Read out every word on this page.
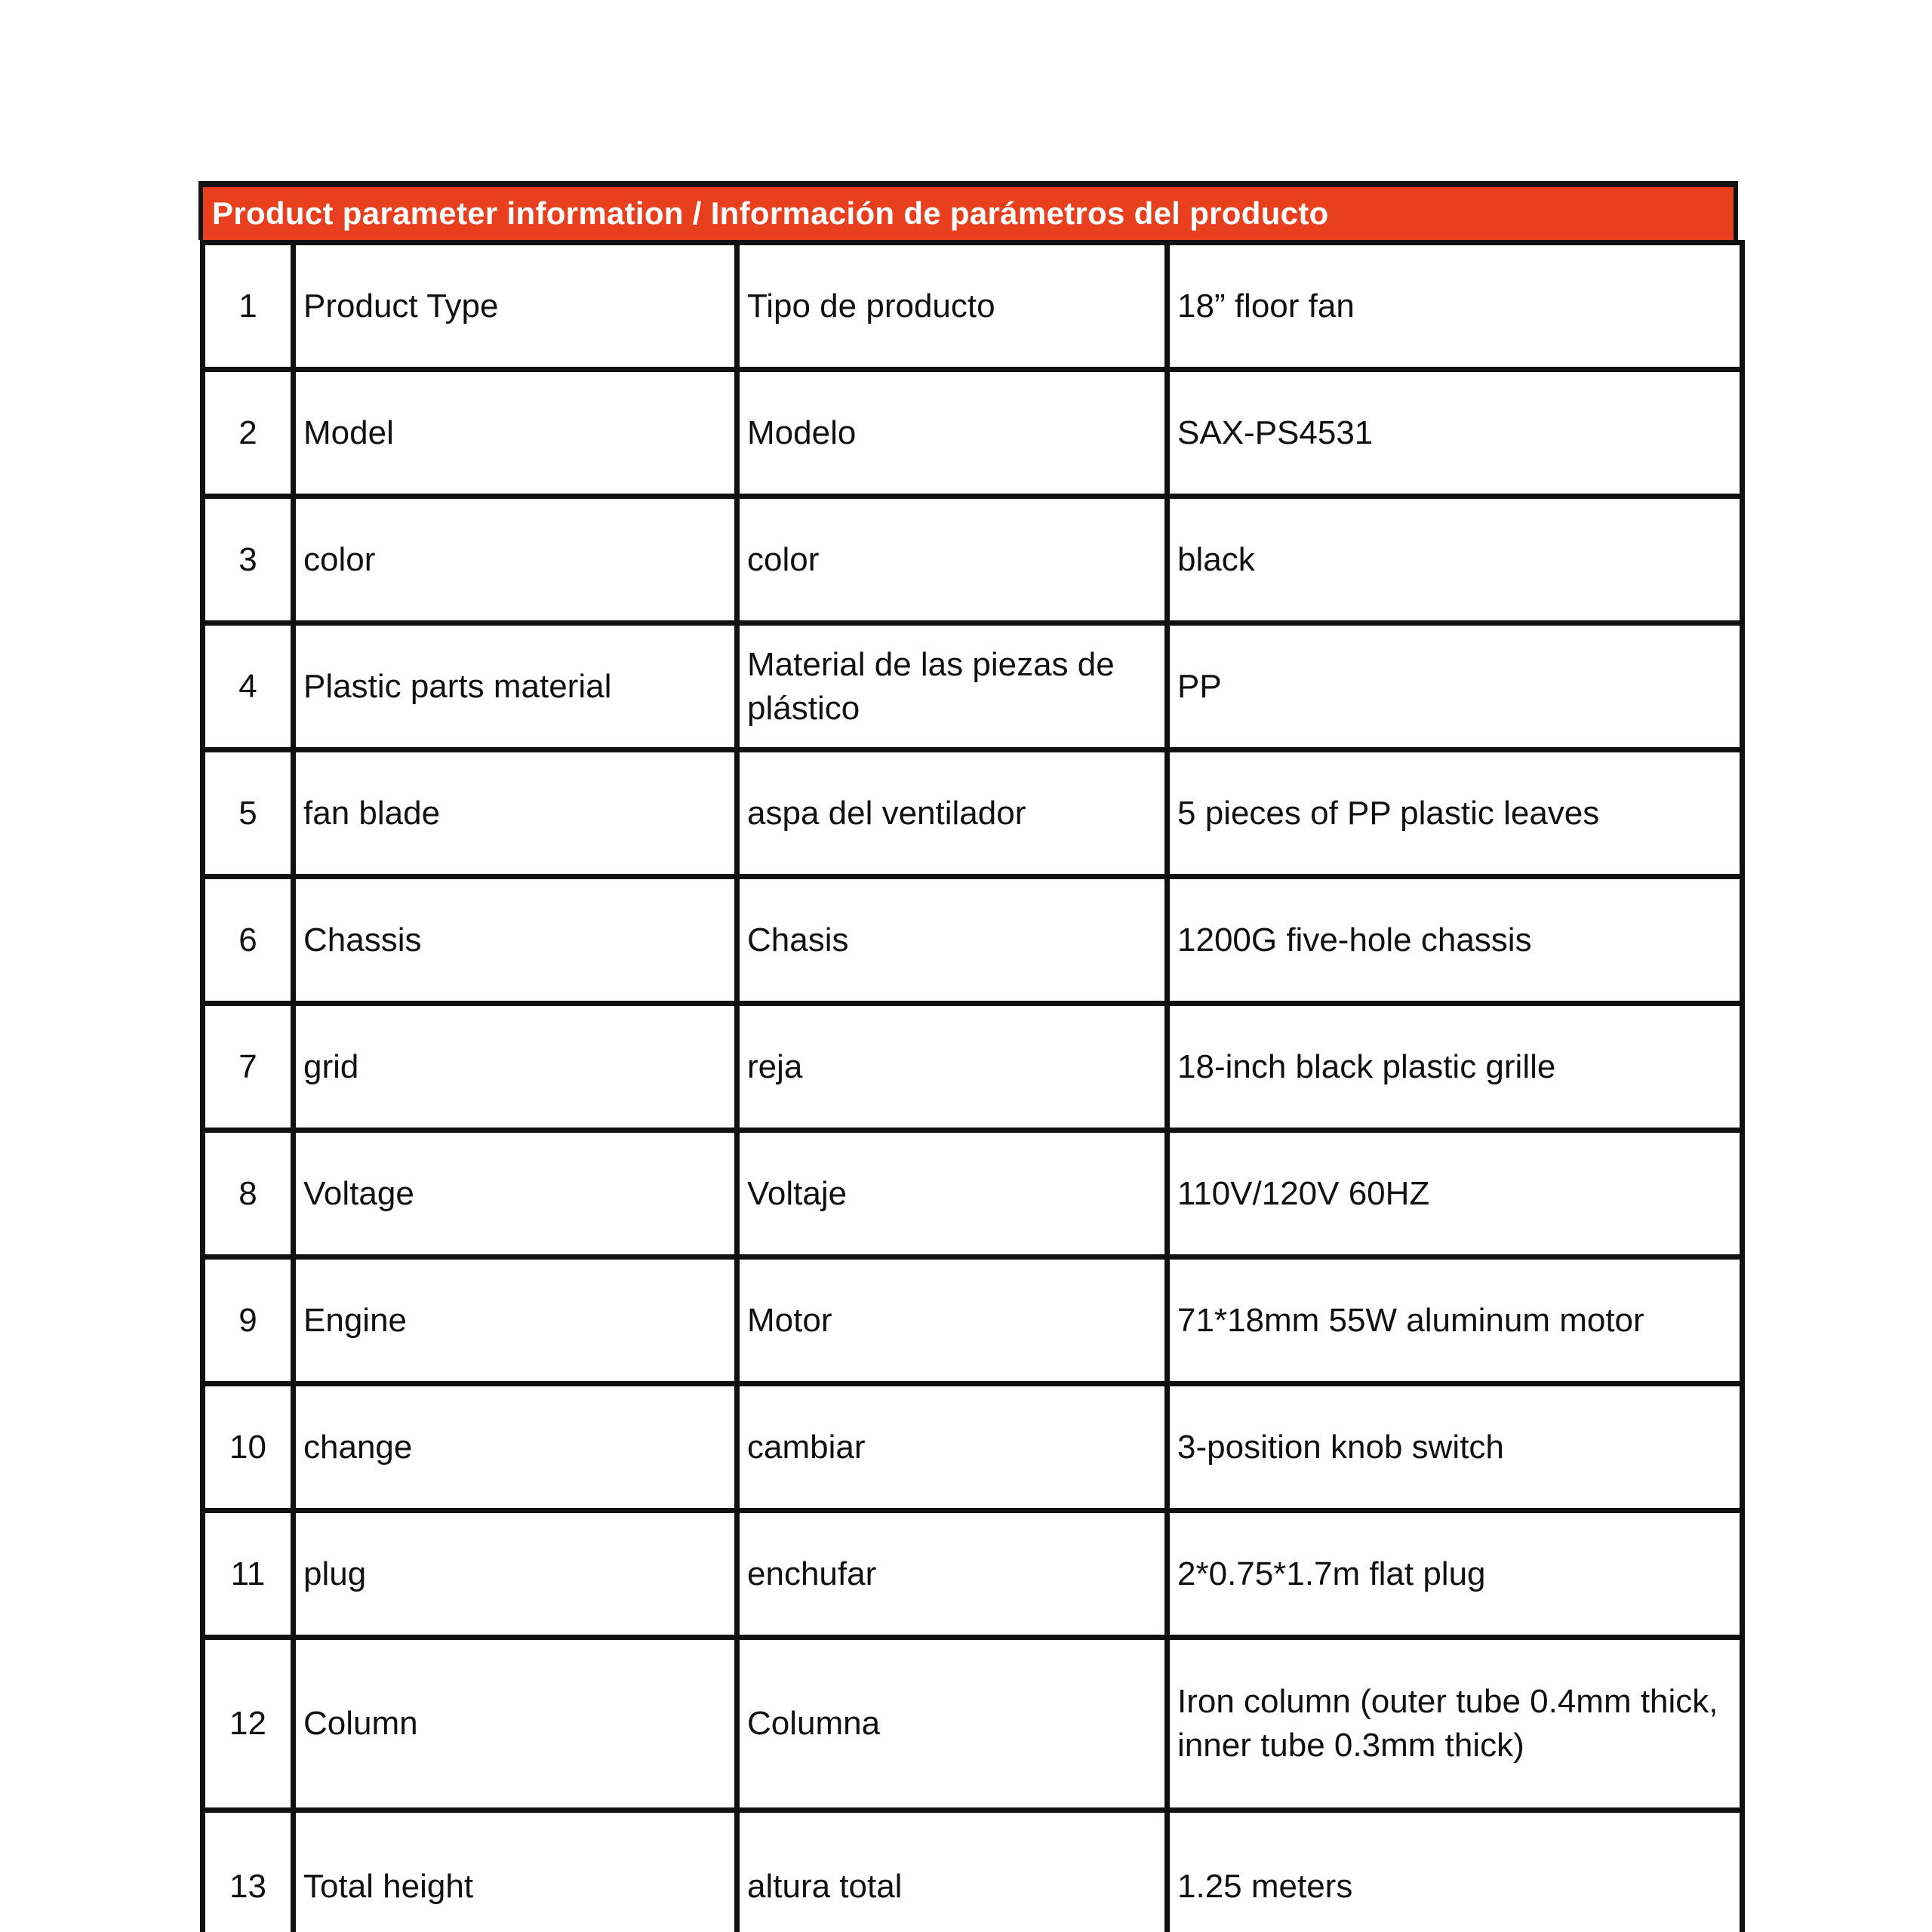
Product parameter information / Información de parámetros del producto
1	Product Type	Tipo de producto	18” floor fan
2	Model	Modelo	SAX-PS4531
3	color	color	black
4	Plastic parts material	Material de las piezas de plástico	PP
5	fan blade	aspa del ventilador	5 pieces of PP plastic leaves
6	Chassis	Chasis	1200G five-hole chassis
7	grid	reja	18-inch black plastic grille
8	Voltage	Voltaje	110V/120V 60HZ
9	Engine	Motor	71*18mm 55W aluminum motor
10	change	cambiar	3-position knob switch
11	plug	enchufar	2*0.75*1.7m flat plug
12	Column	Columna	Iron column (outer tube 0.4mm thick, inner tube 0.3mm thick)
13	Total height	altura total	1.25 meters
